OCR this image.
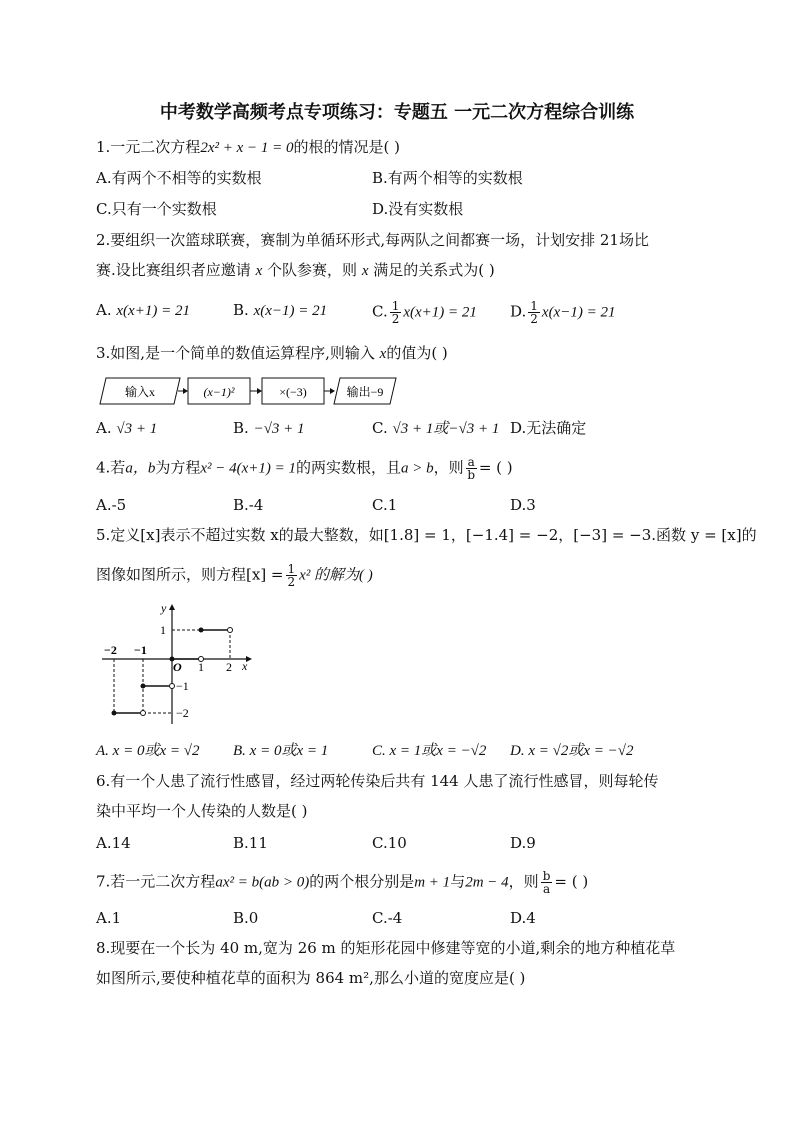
中考数学高频考点专项练习：专题五 一元二次方程综合训练
1.一元二次方程2x² + x − 1 = 0的根的情况是( )
A.有两个不相等的实数根	B.有两个相等的实数根
C.只有一个实数根	D.没有实数根
2.要组织一次篮球联赛，赛制为单循环形式,每两队之间都赛一场，计划安排 21场比
赛.设比赛组织者应邀请 x 个队参赛，则 x 满足的关系式为( )
A. x(x+1) = 21	B. x(x−1) = 21	C. $\frac{1}{2} x(x+1) = 21$ D. $\frac{1}{2} x(x-1) = 21$
3.如图,是一个简单的数值运算程序,则输入 x的值为( )
输入x	(x−1)²	×(−3)	输出−9
A. √3 + 1	B. −√3 + 1	C. √3 + 1或−√3 + 1 D.无法确定
4.若a，b为方程x² − 4(x+1) = 1的两实数根，且a > b，则 $\frac{a}{b}$ = ( )
A.-5	B.-4	C.1	D.3
5.定义[x]表示不超过实数 x的最大整数，如[1.8] = 1，[−1.4] = −2，[−3] = −3.函数 y = [x]的
图像如图所示，则方程$[x] = \frac{1}{2} x^2$ 的解为( )
y
x
O
−2 −1
1 2
1
−1
−2
A. x = 0或x = √2 B. x = 0或x = 1	C. x = 1或x = −√2 D. x = √2或x = −√2
6.有一个人患了流行性感冒，经过两轮传染后共有 144 人患了流行性感冒，则每轮传
染中平均一个人传染的人数是( )
A.14	B.11	C.10	D.9
7.若一元二次方程ax² = b(ab > 0)的两个根分别是m + 1与2m − 4，则 $\frac{b}{a}$ = ( )
A.1	B.0	C.-4	D.4
8.现要在一个长为 40 m,宽为 26 m 的矩形花园中修建等宽的小道,剩余的地方种植花草
如图所示,要使种植花草的面积为 864 m²,那么小道的宽度应是( )
